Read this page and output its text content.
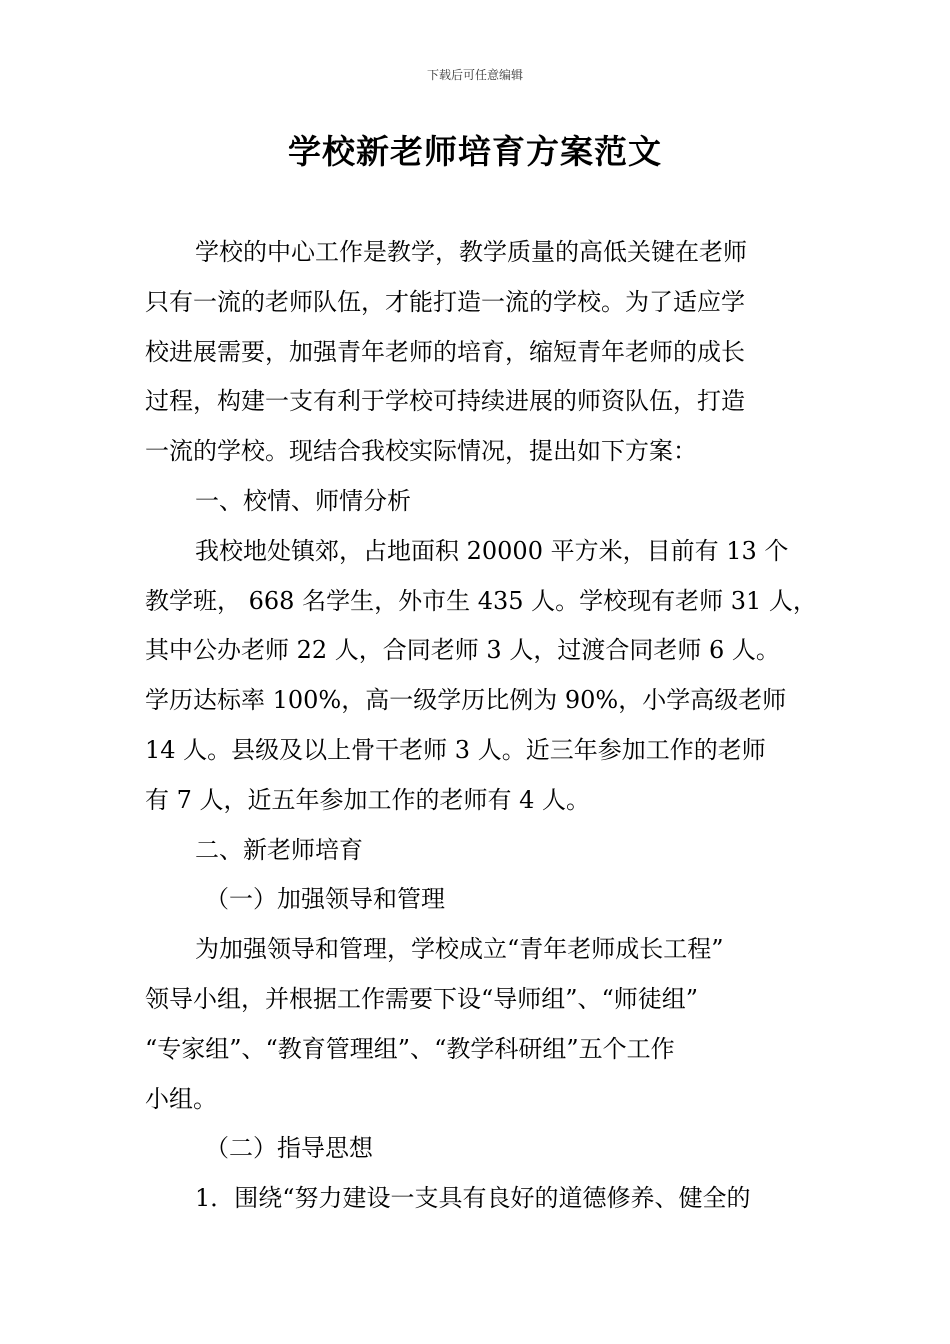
下载后可任意编辑
学校新老师培育方案范文
学校的中心工作是教学，教学质量的高低关键在老师
只有一流的老师队伍，才能打造一流的学校。为了适应学
校进展需要，加强青年老师的培育，缩短青年老师的成长
过程，构建一支有利于学校可持续进展的师资队伍，打造
一流的学校。现结合我校实际情况，提出如下方案：
一、校情、师情分析
我校地处镇郊，占地面积 20000 平方米，目前有 13 个
教学班， 668 名学生，外市生 435 人。学校现有老师 31 人，
其中公办老师 22 人，合同老师 3 人，过渡合同老师 6 人。
学历达标率 100%，高一级学历比例为 90%，小学高级老师
14 人。县级及以上骨干老师 3 人。近三年参加工作的老师
有 7 人，近五年参加工作的老师有 4 人。
二、新老师培育
（一）加强领导和管理
为加强领导和管理，学校成立“青年老师成长工程”
领导小组，并根据工作需要下设“导师组”、“师徒组”
“专家组”、“教育管理组”、“教学科研组”五个工作
小组。
（二）指导思想
1．围绕“努力建设一支具有良好的道德修养、健全的
